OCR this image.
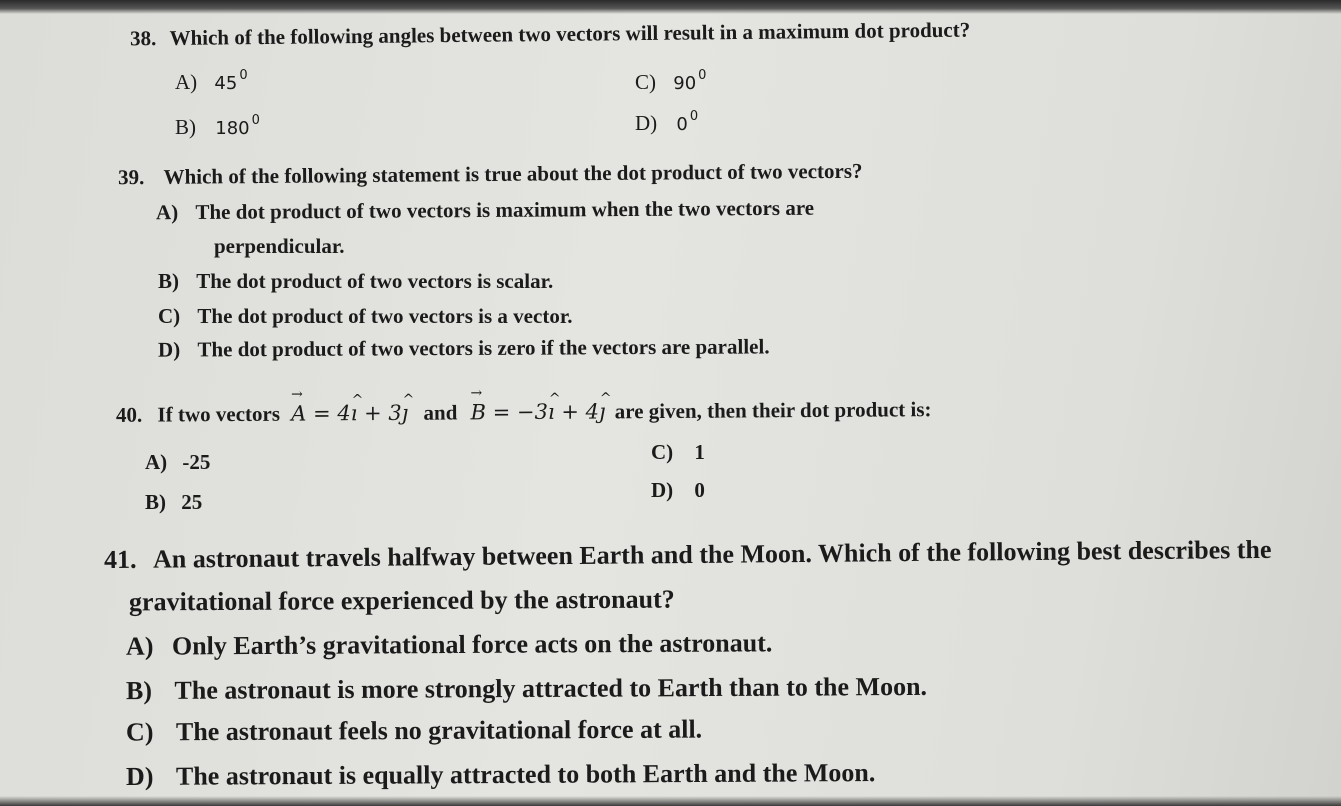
38. Which of the following angles between two vectors will result in a maximum dot product?
A) 45 $^0$	C) 90 $^0$
B) 180 $^0$	D) 0 $^0$
39. Which of the following statement is true about the dot product of two vectors?
A) The dot product of two vectors is maximum when the two vectors are
perpendicular.
B) The dot product of two vectors is scalar.
C) The dot product of two vectors is a vector.
D) The dot product of two vectors is zero if the vectors are parallel.
40. If two vectors A → = 4ı ^ + 3ȷ ^ and B → = −3ı ^ + 4ȷ ^ are given, then their dot product is:
A) -25	C) 1
B) 25	D) 0
41. An astronaut travels halfway between Earth and the Moon. Which of the following best describes the
gravitational force experienced by the astronaut?
A) Only Earth’s gravitational force acts on the astronaut.
B) The astronaut is more strongly attracted to Earth than to the Moon.
C) The astronaut feels no gravitational force at all.
D) The astronaut is equally attracted to both Earth and the Moon.
